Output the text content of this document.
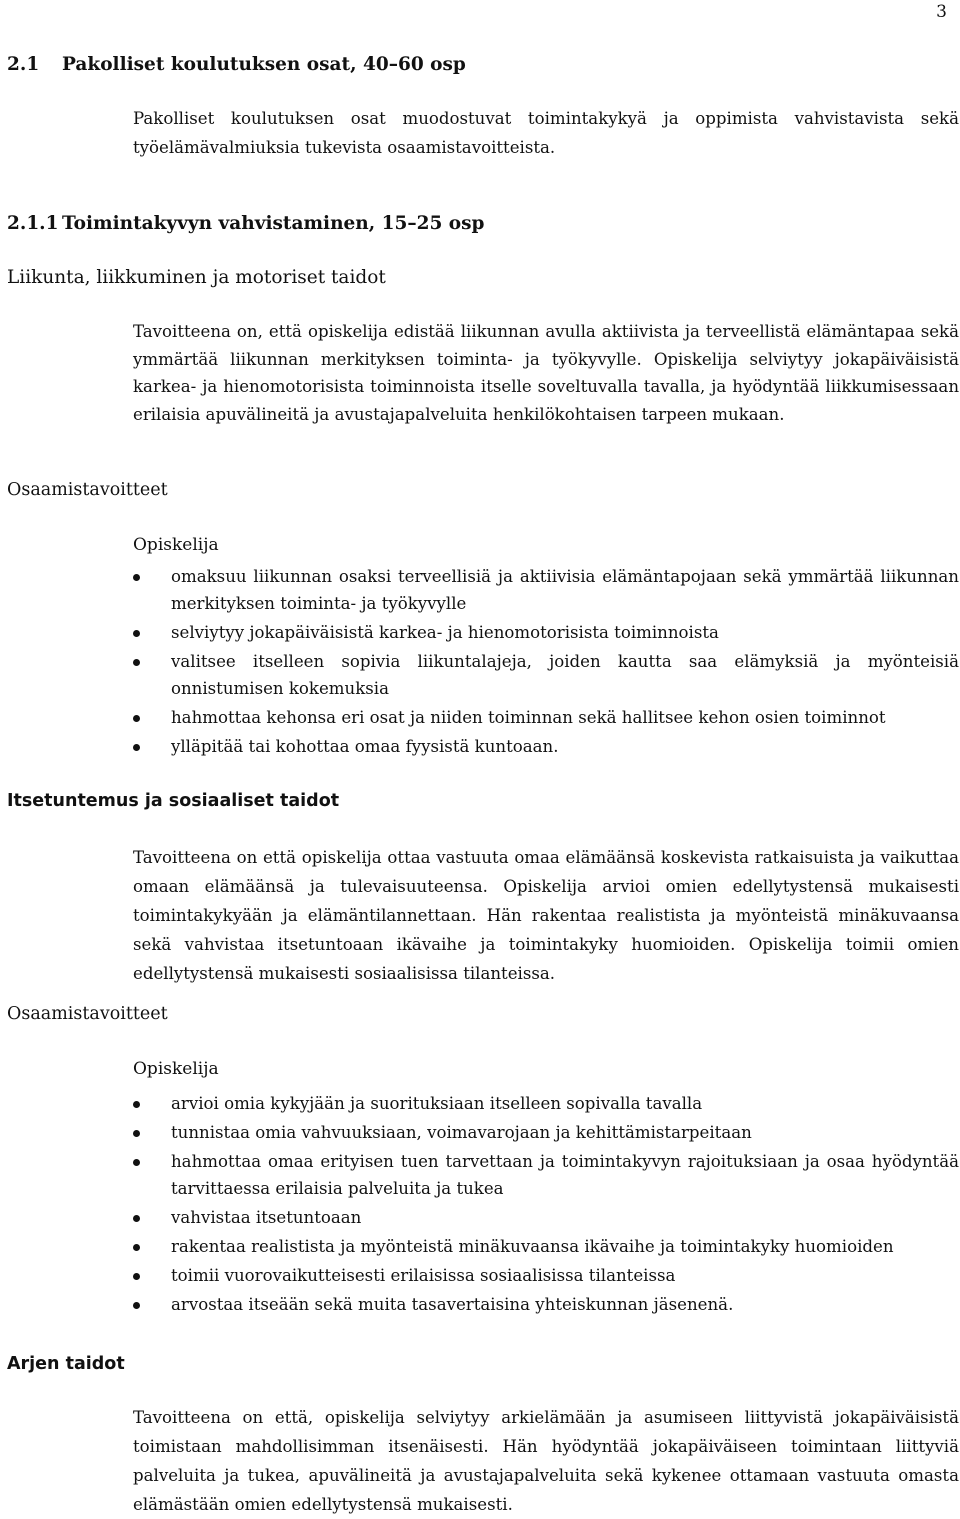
3
2.1 Pakolliset koulutuksen osat, 40–60 osp
Pakolliset koulutuksen osat muodostuvat toimintakykyä ja oppimista vahvistavista sekä työelämävalmiuksia tukevista osaamistavoitteista.
2.1.1 Toimintakyvyn vahvistaminen, 15–25 osp
Liikunta, liikkuminen ja motoriset taidot
Tavoitteena on, että opiskelija edistää liikunnan avulla aktiivista ja terveellistä elämäntapaa sekä ymmärtää liikunnan merkityksen toiminta- ja työkyvylle. Opiskelija selviytyy jokapäiväisistä karkea- ja hienomotorisista toiminnoista itselle soveltuvalla tavalla, ja hyödyntää liikkumisessaan erilaisia apuvälineitä ja avustajapalveluita henkilökohtaisen tarpeen mukaan.
Osaamistavoitteet
Opiskelija
omaksuu liikunnan osaksi terveellisiä ja aktiivisia elämäntapojaan sekä ymmärtää liikunnan merkityksen toiminta- ja työkyvylle
selviytyy jokapäiväisistä karkea- ja hienomotorisista toiminnoista
valitsee itselleen sopivia liikuntalajeja, joiden kautta saa elämyksiä ja myönteisiä onnistumisen kokemuksia
hahmottaa kehonsa eri osat ja niiden toiminnan sekä hallitsee kehon osien toiminnot
ylläpitää tai kohottaa omaa fyysistä kuntoaan.
Itsetuntemus ja sosiaaliset taidot
Tavoitteena on että opiskelija ottaa vastuuta omaa elämäänsä koskevista ratkaisuista ja vaikuttaa omaan elämäänsä ja tulevaisuuteensa. Opiskelija arvioi omien edellytystensä mukaisesti toimintakykyään ja elämäntilannettaan. Hän rakentaa realistista ja myönteistä minäkuvaansa sekä vahvistaa itsetuntoaan ikävaihe ja toimintakyky huomioiden. Opiskelija toimii omien edellytystensä mukaisesti sosiaalisissa tilanteissa.
Osaamistavoitteet
Opiskelija
arvioi omia kykyjään ja suorituksiaan itselleen sopivalla tavalla
tunnistaa omia vahvuuksiaan, voimavarojaan ja kehittämistarpeitaan
hahmottaa omaa erityisen tuen tarvettaan ja toimintakyvyn rajoituksiaan ja osaa hyödyntää tarvittaessa erilaisia palveluita ja tukea
vahvistaa itsetuntoaan
rakentaa realistista ja myönteistä minäkuvaansa ikävaihe ja toimintakyky huomioiden
toimii vuorovaikutteisesti erilaisissa sosiaalisissa tilanteissa
arvostaa itseään sekä muita tasavertaisina yhteiskunnan jäsenenä.
Arjen taidot
Tavoitteena on että, opiskelija selviytyy arkielämään ja asumiseen liittyvistä jokapäiväisistä toimistaan mahdollisimman itsenäisesti. Hän hyödyntää jokapäiväiseen toimintaan liittyviä palveluita ja tukea, apuvälineitä ja avustajapalveluita sekä kykenee ottamaan vastuuta omasta elämästään omien edellytystensä mukaisesti.
